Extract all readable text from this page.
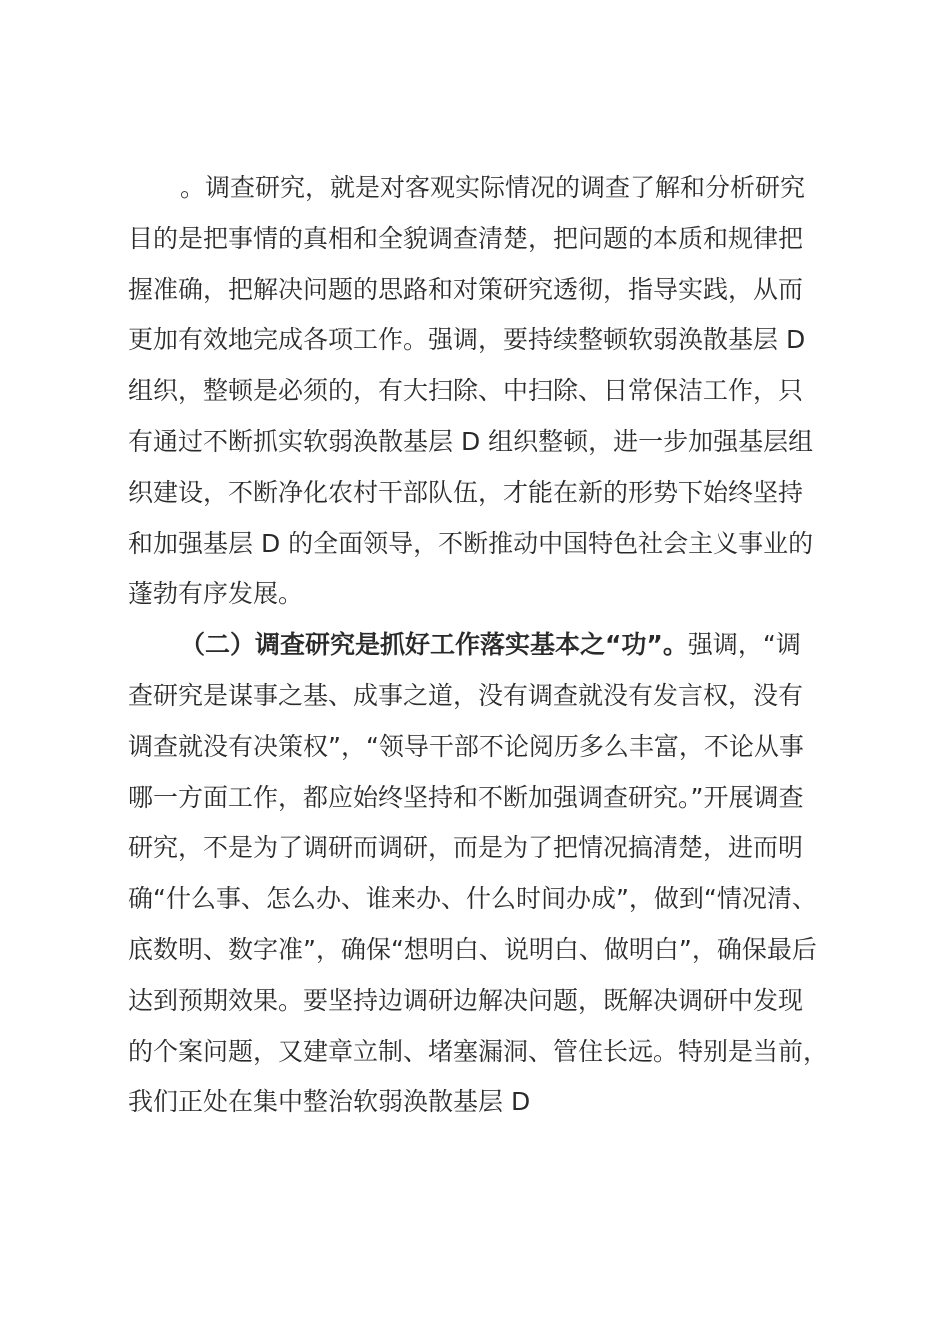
。调查研究，就是对客观实际情况的调查了解和分析研究
目的是把事情的真相和全貌调查清楚，把问题的本质和规律把
握准确，把解决问题的思路和对策研究透彻，指导实践，从而
更加有效地完成各项工作。强调，要持续整顿软弱涣散基层 D
组织，整顿是必须的，有大扫除、中扫除、日常保洁工作，只
有通过不断抓实软弱涣散基层 D 组织整顿，进一步加强基层组
织建设，不断净化农村干部队伍，才能在新的形势下始终坚持
和加强基层 D 的全面领导，不断推动中国特色社会主义事业的
蓬勃有序发展。
（二）调查研究是抓好工作落实基本之“功”。强调，“调
查研究是谋事之基、成事之道，没有调查就没有发言权，没有
调查就没有决策权”，“领导干部不论阅历多么丰富，不论从事
哪一方面工作，都应始终坚持和不断加强调查研究。”开展调查
研究，不是为了调研而调研，而是为了把情况搞清楚，进而明
确“什么事、怎么办、谁来办、什么时间办成”，做到“情况清、
底数明、数字准”，确保“想明白、说明白、做明白”，确保最后
达到预期效果。要坚持边调研边解决问题，既解决调研中发现
的个案问题，又建章立制、堵塞漏洞、管住长远。特别是当前，
我们正处在集中整治软弱涣散基层 D
